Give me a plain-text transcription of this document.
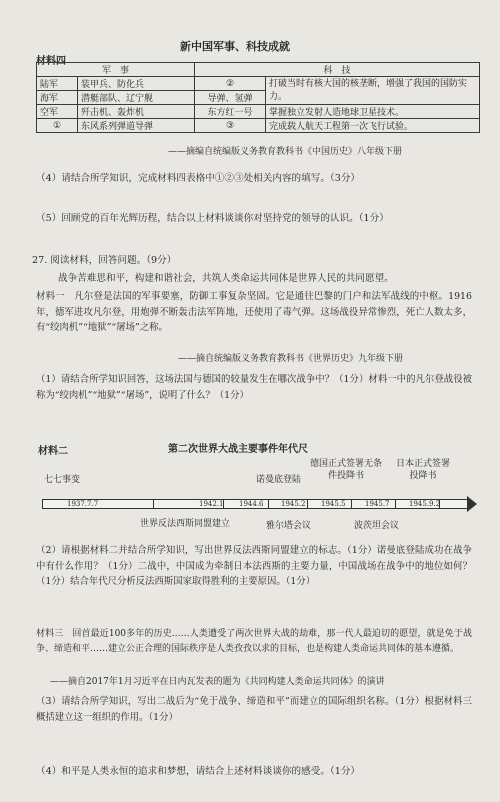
新中国军事、科技成就
材料四
军　事		科　技	
陆军	装甲兵、防化兵	②	打破当时有核大国的核垄断，增强了我国的国防实力。
海军	潜艇部队、辽宁舰	导弹、氢弹	
空军	歼击机、轰炸机	东方红一号	掌握独立发射人造地球卫星技术。
①	东风系列弹道导弹	③	完成载人航天工程第一次飞行试验。
——摘编自统编版义务教育教科书《中国历史》八年级下册
（4）请结合所学知识，完成材料四表格中①②③处相关内容的填写。（3分）
（5）回顾党的百年光辉历程，结合以上材料谈谈你对坚持党的领导的认识。（1分）
27. 阅读材料，回答问题。（9分）
战争苦难思和平，构建和谐社会，共筑人类命运共同体是世界人民的共同愿望。
材料一　凡尔登是法国的军事要塞，防御工事复杂坚固。它是通往巴黎的门户和法军战线的中枢。1916年，德军进攻凡尔登，用炮弹不断轰击法军阵地，还使用了毒气弹。这场战役异常惨烈，死亡人数太多，有“绞肉机”“地狱”“屠场”之称。
——摘自统编版义务教育教科书《世界历史》九年级下册
（1）请结合所学知识回答，这场法国与德国的较量发生在哪次战争中？（1分）材料一中的凡尔登战役被称为“绞肉机”“地狱”“屠场”，说明了什么？（1分）
材料二	第二次世界大战主要事件年代尺
七七事变	诺曼底登陆
德国正式签署无条件投降书
日本正式签署投降书
1937.7.7	1942.1 1944.6	1945.2 1945.5	1945.7	1945.9.2
世界反法西斯同盟建立	雅尔塔会议	波茨坦会议
（2）请根据材料二并结合所学知识，写出世界反法西斯同盟建立的标志。（1分）诺曼底登陆成功在战争中有什么作用？（1分）二战中，中国成为牵制日本法西斯的主要力量，中国战场在战争中的地位如何？（1分）结合年代尺分析反法西斯国家取得胜利的主要原因。（1分）
材料三　回首最近100多年的历史……人类遭受了两次世界大战的劫难，那一代人最迫切的愿望，就是免于战争、缔造和平……建立公正合理的国际秩序是人类孜孜以求的目标，也是构建人类命运共同体的基本遵循。
——摘自2017年1月习近平在日内瓦发表的题为《共同构建人类命运共同体》的演讲
（3）请结合所学知识，写出二战后为“免于战争、缔造和平”而建立的国际组织名称。（1分）根据材料三概括建立这一组织的作用。（1分）
（4）和平是人类永恒的追求和梦想，请结合上述材料谈谈你的感受。（1分）
